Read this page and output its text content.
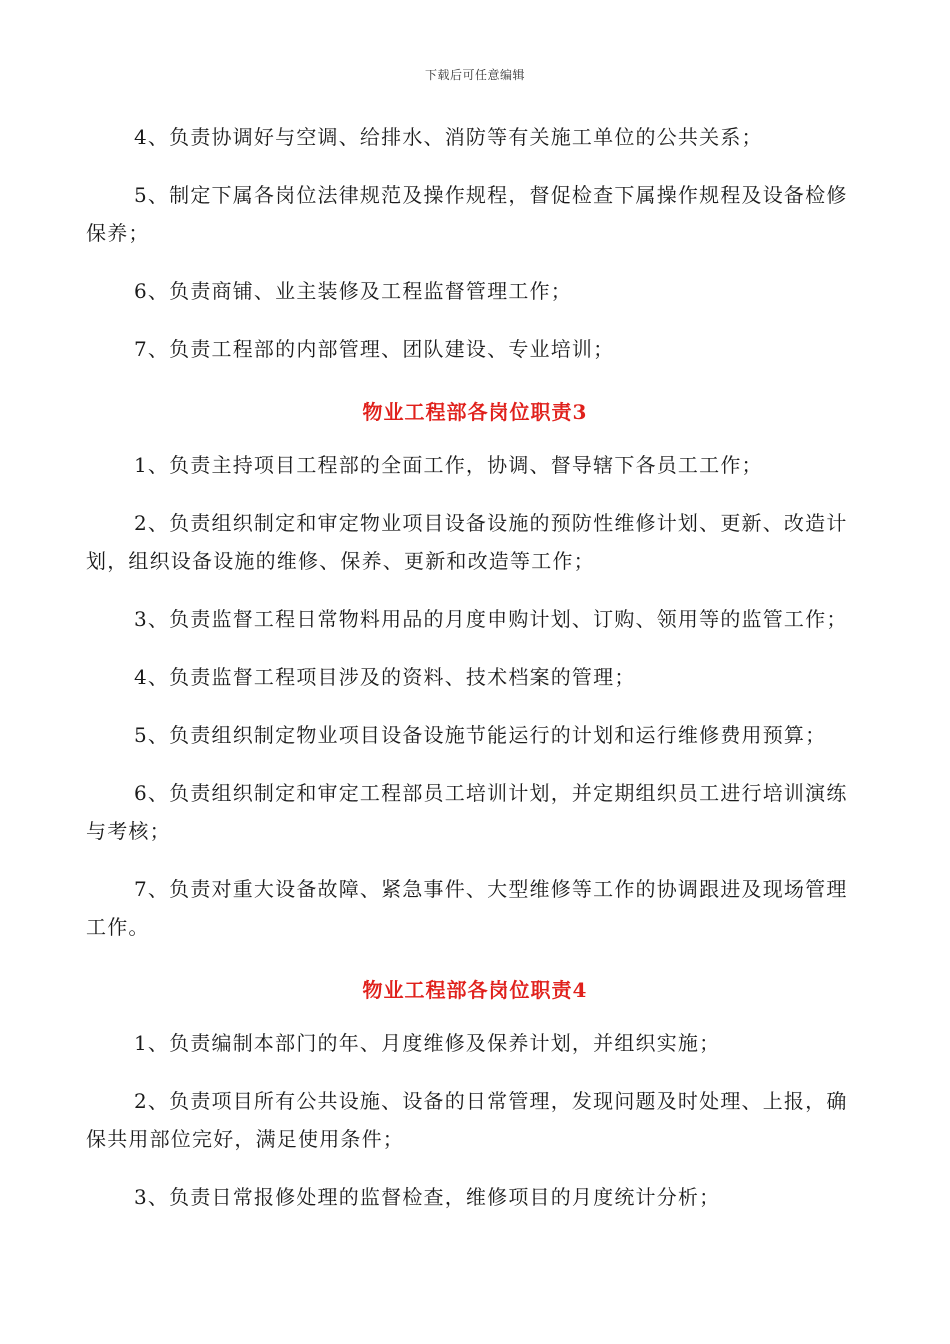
下载后可任意编辑

4、负责协调好与空调、给排水、消防等有关施工单位的公共关系；

5、制定下属各岗位法律规范及操作规程，督促检查下属操作规程及设备检修保养；

6、负责商铺、业主装修及工程监督管理工作；

7、负责工程部的内部管理、团队建设、专业培训；

物业工程部各岗位职责3

1、负责主持项目工程部的全面工作，协调、督导辖下各员工工作；

2、负责组织制定和审定物业项目设备设施的预防性维修计划、更新、改造计划，组织设备设施的维修、保养、更新和改造等工作；

3、负责监督工程日常物料用品的月度申购计划、订购、领用等的监管工作；

4、负责监督工程项目涉及的资料、技术档案的管理；

5、负责组织制定物业项目设备设施节能运行的计划和运行维修费用预算；

6、负责组织制定和审定工程部员工培训计划，并定期组织员工进行培训演练与考核；

7、负责对重大设备故障、紧急事件、大型维修等工作的协调跟进及现场管理工作。

物业工程部各岗位职责4

1、负责编制本部门的年、月度维修及保养计划，并组织实施；

2、负责项目所有公共设施、设备的日常管理，发现问题及时处理、上报，确保共用部位完好，满足使用条件；

3、负责日常报修处理的监督检查，维修项目的月度统计分析；
